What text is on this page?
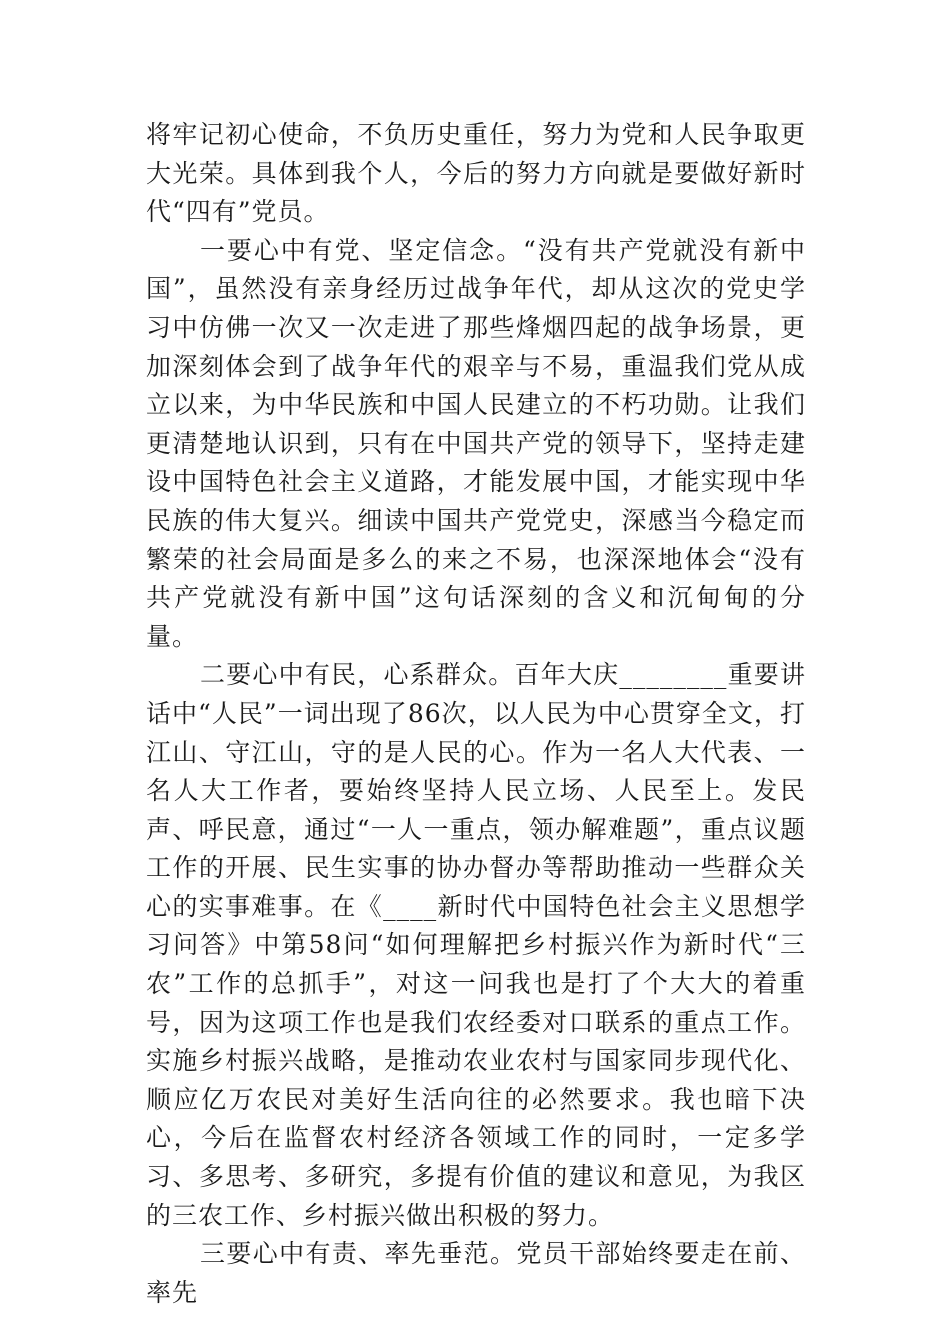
将牢记初心使命，不负历史重任，努力为党和人民争取更大光荣。具体到我个人，今后的努力方向就是要做好新时代“四有”党员。

一要心中有党、坚定信念。“没有共产党就没有新中国”，虽然没有亲身经历过战争年代，却从这次的党史学习中仿佛一次又一次走进了那些烽烟四起的战争场景，更加深刻体会到了战争年代的艰辛与不易，重温我们党从成立以来，为中华民族和中国人民建立的不朽功勋。让我们更清楚地认识到，只有在中国共产党的领导下，坚持走建设中国特色社会主义道路，才能发展中国，才能实现中华民族的伟大复兴。细读中国共产党党史，深感当今稳定而繁荣的社会局面是多么的来之不易，也深深地体会“没有共产党就没有新中国”这句话深刻的含义和沉甸甸的分量。

二要心中有民，心系群众。百年大庆________重要讲话中“人民”一词出现了86次，以人民为中心贯穿全文，打江山、守江山，守的是人民的心。作为一名人大代表、一名人大工作者，要始终坚持人民立场、人民至上。发民声、呼民意，通过“一人一重点，领办解难题”，重点议题工作的开展、民生实事的协办督办等帮助推动一些群众关心的实事难事。在《____新时代中国特色社会主义思想学习问答》中第58问“如何理解把乡村振兴作为新时代“三农”工作的总抓手”，对这一问我也是打了个大大的着重号，因为这项工作也是我们农经委对口联系的重点工作。实施乡村振兴战略，是推动农业农村与国家同步现代化、顺应亿万农民对美好生活向往的必然要求。我也暗下决心，今后在监督农村经济各领域工作的同时，一定多学习、多思考、多研究，多提有价值的建议和意见，为我区的三农工作、乡村振兴做出积极的努力。

三要心中有责、率先垂范。党员干部始终要走在前、率先
